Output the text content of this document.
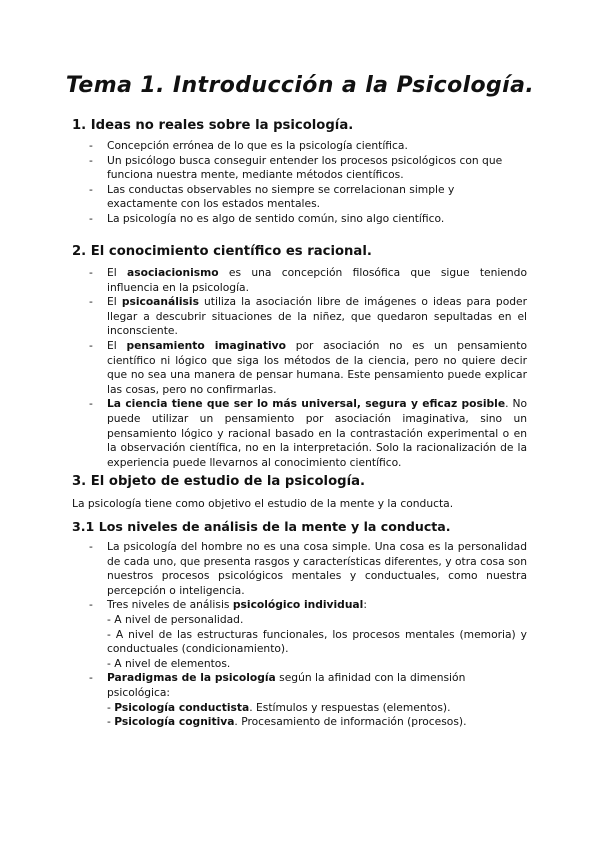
Tema 1. Introducción a la Psicología.
1. Ideas no reales sobre la psicología.
- Concepción errónea de lo que es la psicología científica.
- Un psicólogo busca conseguir entender los procesos psicológicos con que funciona nuestra mente, mediante métodos científicos.
- Las conductas observables no siempre se correlacionan simple y exactamente con los estados mentales.
- La psicología no es algo de sentido común, sino algo científico.
2. El conocimiento científico es racional.
- El asociacionismo es una concepción filosófica que sigue teniendo influencia en la psicología.
- El psicoanálisis utiliza la asociación libre de imágenes o ideas para poder llegar a descubrir situaciones de la niñez, que quedaron sepultadas en el inconsciente.
- El pensamiento imaginativo por asociación no es un pensamiento científico ni lógico que siga los métodos de la ciencia, pero no quiere decir que no sea una manera de pensar humana. Este pensamiento puede explicar las cosas, pero no confirmarlas.
- La ciencia tiene que ser lo más universal, segura y eficaz posible. No puede utilizar un pensamiento por asociación imaginativa, sino un pensamiento lógico y racional basado en la contrastación experimental o en la observación científica, no en la interpretación. Solo la racionalización de la experiencia puede llevarnos al conocimiento científico.
3. El objeto de estudio de la psicología.

La psicología tiene como objetivo el estudio de la mente y la conducta.

3.1 Los niveles de análisis de la mente y la conducta.
- La psicología del hombre no es una cosa simple. Una cosa es la personalidad de cada uno, que presenta rasgos y características diferentes, y otra cosa son nuestros procesos psicológicos mentales y conductuales, como nuestra percepción o inteligencia.
- Tres niveles de análisis psicológico individual:
- A nivel de personalidad.
- A nivel de las estructuras funcionales, los procesos mentales (memoria) y conductuales (condicionamiento).
- A nivel de elementos.
- Paradigmas de la psicología según la afinidad con la dimensión psicológica:
- Psicología conductista. Estímulos y respuestas (elementos).
- Psicología cognitiva. Procesamiento de información (procesos).
